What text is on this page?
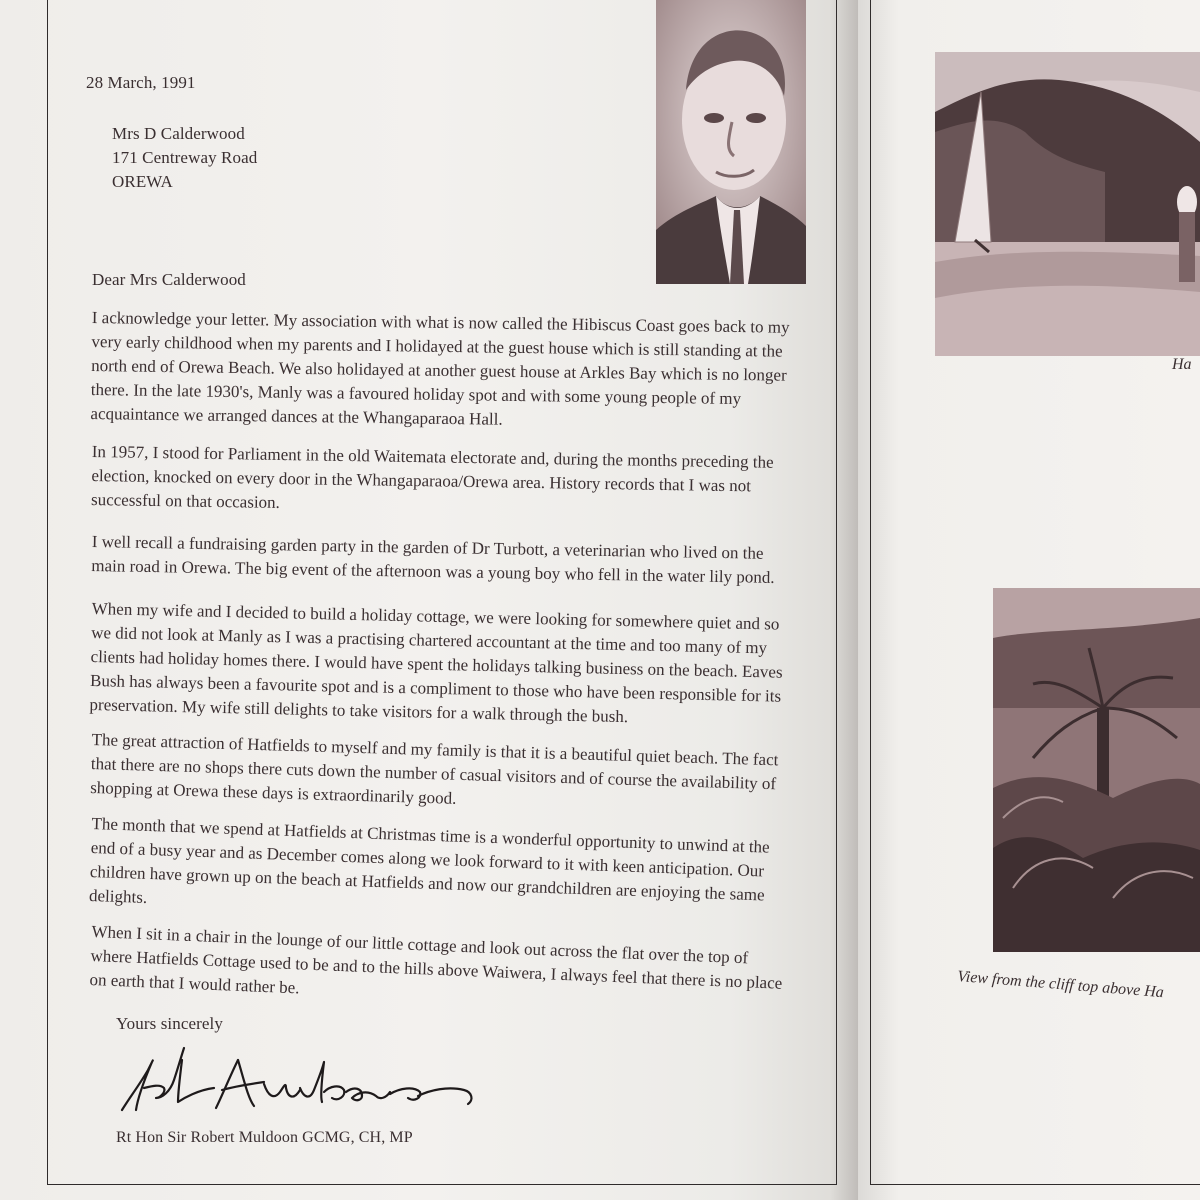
28 March, 1991
Mrs D Calderwood
171 Centreway Road
OREWA
Dear Mrs Calderwood
I acknowledge your letter. My association with what is now called the Hibiscus Coast goes back to my very early childhood when my parents and I holidayed at the guest house which is still standing at the north end of Orewa Beach. We also holidayed at another guest house at Arkles Bay which is no longer there. In the late 1930's, Manly was a favoured holiday spot and with some young people of my acquaintance we arranged dances at the Whangaparaoa Hall.
In 1957, I stood for Parliament in the old Waitemata electorate and, during the months preceding the election, knocked on every door in the Whangaparaoa/Orewa area. History records that I was not successful on that occasion.
I well recall a fundraising garden party in the garden of Dr Turbott, a veterinarian who lived on the main road in Orewa. The big event of the afternoon was a young boy who fell in the water lily pond.
When my wife and I decided to build a holiday cottage, we were looking for somewhere quiet and so we did not look at Manly as I was a practising chartered accountant at the time and too many of my clients had holiday homes there. I would have spent the holidays talking business on the beach. Eaves Bush has always been a favourite spot and is a compliment to those who have been responsible for its preservation. My wife still delights to take visitors for a walk through the bush.
The great attraction of Hatfields to myself and my family is that it is a beautiful quiet beach. The fact that there are no shops there cuts down the number of casual visitors and of course the availability of shopping at Orewa these days is extraordinarily good.
The month that we spend at Hatfields at Christmas time is a wonderful opportunity to unwind at the end of a busy year and as December comes along we look forward to it with keen anticipation. Our children have grown up on the beach at Hatfields and now our grandchildren are enjoying the same delights.
When I sit in a chair in the lounge of our little cottage and look out across the flat over the top of where Hatfields Cottage used to be and to the hills above Waiwera, I always feel that there is no place on earth that I would rather be.
Yours sincerely
Rt Hon Sir Robert Muldoon GCMG, CH, MP
Ha
View from the cliff top above Ha
